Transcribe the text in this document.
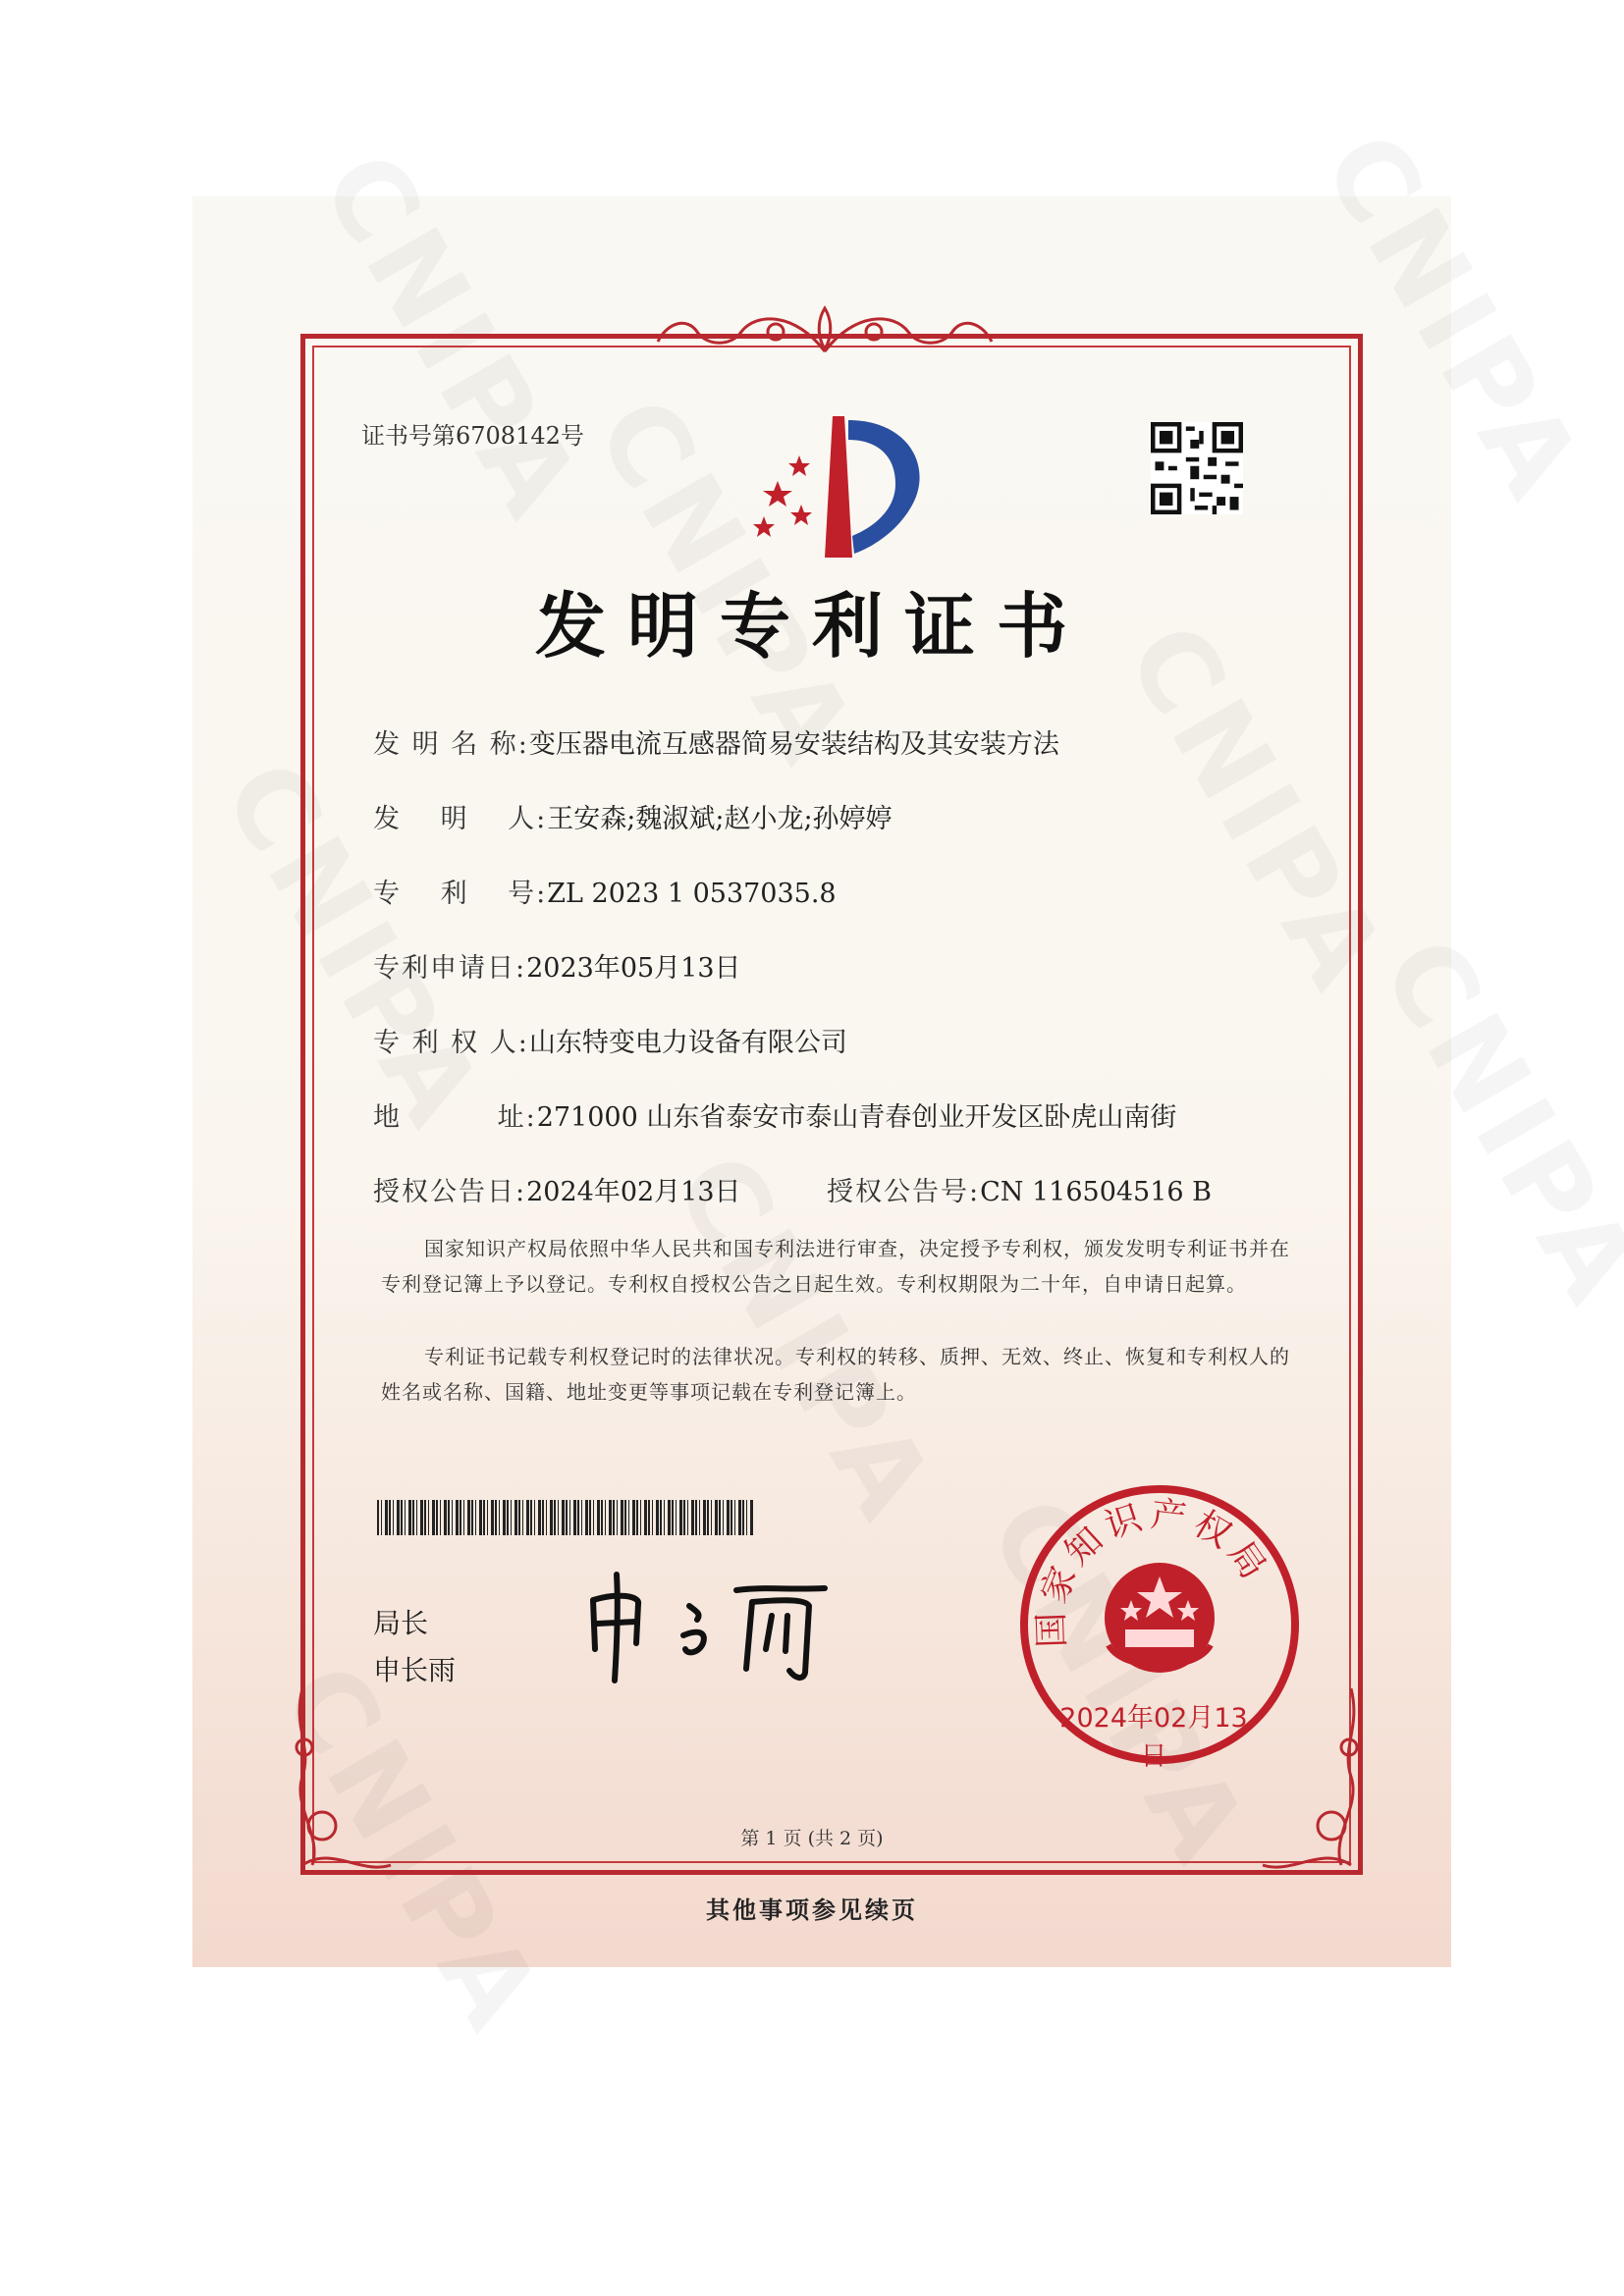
证书号第6708142号
发明专利证书
发 明 名 称:变压器电流互感器简易安装结构及其安装方法
发　 明　 人:王安森;魏淑斌;赵小龙;孙婷婷
专　 利　 号:ZL 2023 1 0537035.8
专利申请日:2023年05月13日
专 利 权 人:山东特变电力设备有限公司
地　　　 址:271000 山东省泰安市泰山青春创业开发区卧虎山南街
授权公告日:2024年02月13日	授权公告号:CN 116504516 B
国家知识产权局依照中华人民共和国专利法进行审查，决定授予专利权，颁发发明专利证书并在专利登记簿上予以登记。专利权自授权公告之日起生效。专利权期限为二十年，自申请日起算。
专利证书记载专利权登记时的法律状况。专利权的转移、质押、无效、终止、恢复和专利权人的姓名或名称、国籍、地址变更等事项记载在专利登记簿上。
局长
申长雨
国家知识产权局
2024年02月13日
第 1 页 (共 2 页)
其他事项参见续页
